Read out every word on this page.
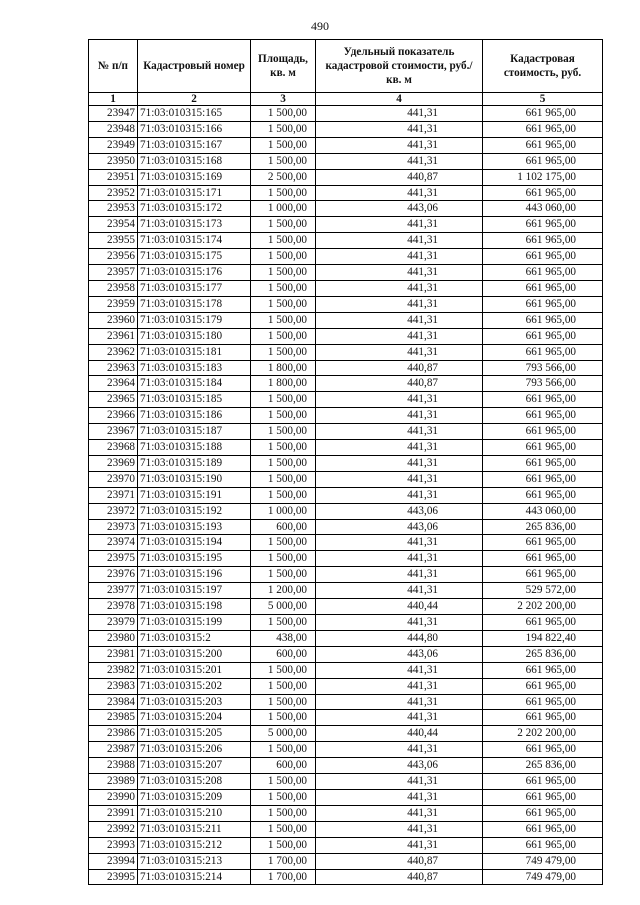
490
№ п/п	Кадастровый номер	Площадь, кв. м	Удельный показатель кадастровой стоимости, руб./кв. м	Кадастровая стоимость, руб.
1	2	3	4	5
23947	71:03:010315:165	1 500,00	441,31	661 965,00
23948	71:03:010315:166	1 500,00	441,31	661 965,00
23949	71:03:010315:167	1 500,00	441,31	661 965,00
23950	71:03:010315:168	1 500,00	441,31	661 965,00
23951	71:03:010315:169	2 500,00	440,87	1 102 175,00
23952	71:03:010315:171	1 500,00	441,31	661 965,00
23953	71:03:010315:172	1 000,00	443,06	443 060,00
23954	71:03:010315:173	1 500,00	441,31	661 965,00
23955	71:03:010315:174	1 500,00	441,31	661 965,00
23956	71:03:010315:175	1 500,00	441,31	661 965,00
23957	71:03:010315:176	1 500,00	441,31	661 965,00
23958	71:03:010315:177	1 500,00	441,31	661 965,00
23959	71:03:010315:178	1 500,00	441,31	661 965,00
23960	71:03:010315:179	1 500,00	441,31	661 965,00
23961	71:03:010315:180	1 500,00	441,31	661 965,00
23962	71:03:010315:181	1 500,00	441,31	661 965,00
23963	71:03:010315:183	1 800,00	440,87	793 566,00
23964	71:03:010315:184	1 800,00	440,87	793 566,00
23965	71:03:010315:185	1 500,00	441,31	661 965,00
23966	71:03:010315:186	1 500,00	441,31	661 965,00
23967	71:03:010315:187	1 500,00	441,31	661 965,00
23968	71:03:010315:188	1 500,00	441,31	661 965,00
23969	71:03:010315:189	1 500,00	441,31	661 965,00
23970	71:03:010315:190	1 500,00	441,31	661 965,00
23971	71:03:010315:191	1 500,00	441,31	661 965,00
23972	71:03:010315:192	1 000,00	443,06	443 060,00
23973	71:03:010315:193	600,00	443,06	265 836,00
23974	71:03:010315:194	1 500,00	441,31	661 965,00
23975	71:03:010315:195	1 500,00	441,31	661 965,00
23976	71:03:010315:196	1 500,00	441,31	661 965,00
23977	71:03:010315:197	1 200,00	441,31	529 572,00
23978	71:03:010315:198	5 000,00	440,44	2 202 200,00
23979	71:03:010315:199	1 500,00	441,31	661 965,00
23980	71:03:010315:2	438,00	444,80	194 822,40
23981	71:03:010315:200	600,00	443,06	265 836,00
23982	71:03:010315:201	1 500,00	441,31	661 965,00
23983	71:03:010315:202	1 500,00	441,31	661 965,00
23984	71:03:010315:203	1 500,00	441,31	661 965,00
23985	71:03:010315:204	1 500,00	441,31	661 965,00
23986	71:03:010315:205	5 000,00	440,44	2 202 200,00
23987	71:03:010315:206	1 500,00	441,31	661 965,00
23988	71:03:010315:207	600,00	443,06	265 836,00
23989	71:03:010315:208	1 500,00	441,31	661 965,00
23990	71:03:010315:209	1 500,00	441,31	661 965,00
23991	71:03:010315:210	1 500,00	441,31	661 965,00
23992	71:03:010315:211	1 500,00	441,31	661 965,00
23993	71:03:010315:212	1 500,00	441,31	661 965,00
23994	71:03:010315:213	1 700,00	440,87	749 479,00
23995	71:03:010315:214	1 700,00	440,87	749 479,00
